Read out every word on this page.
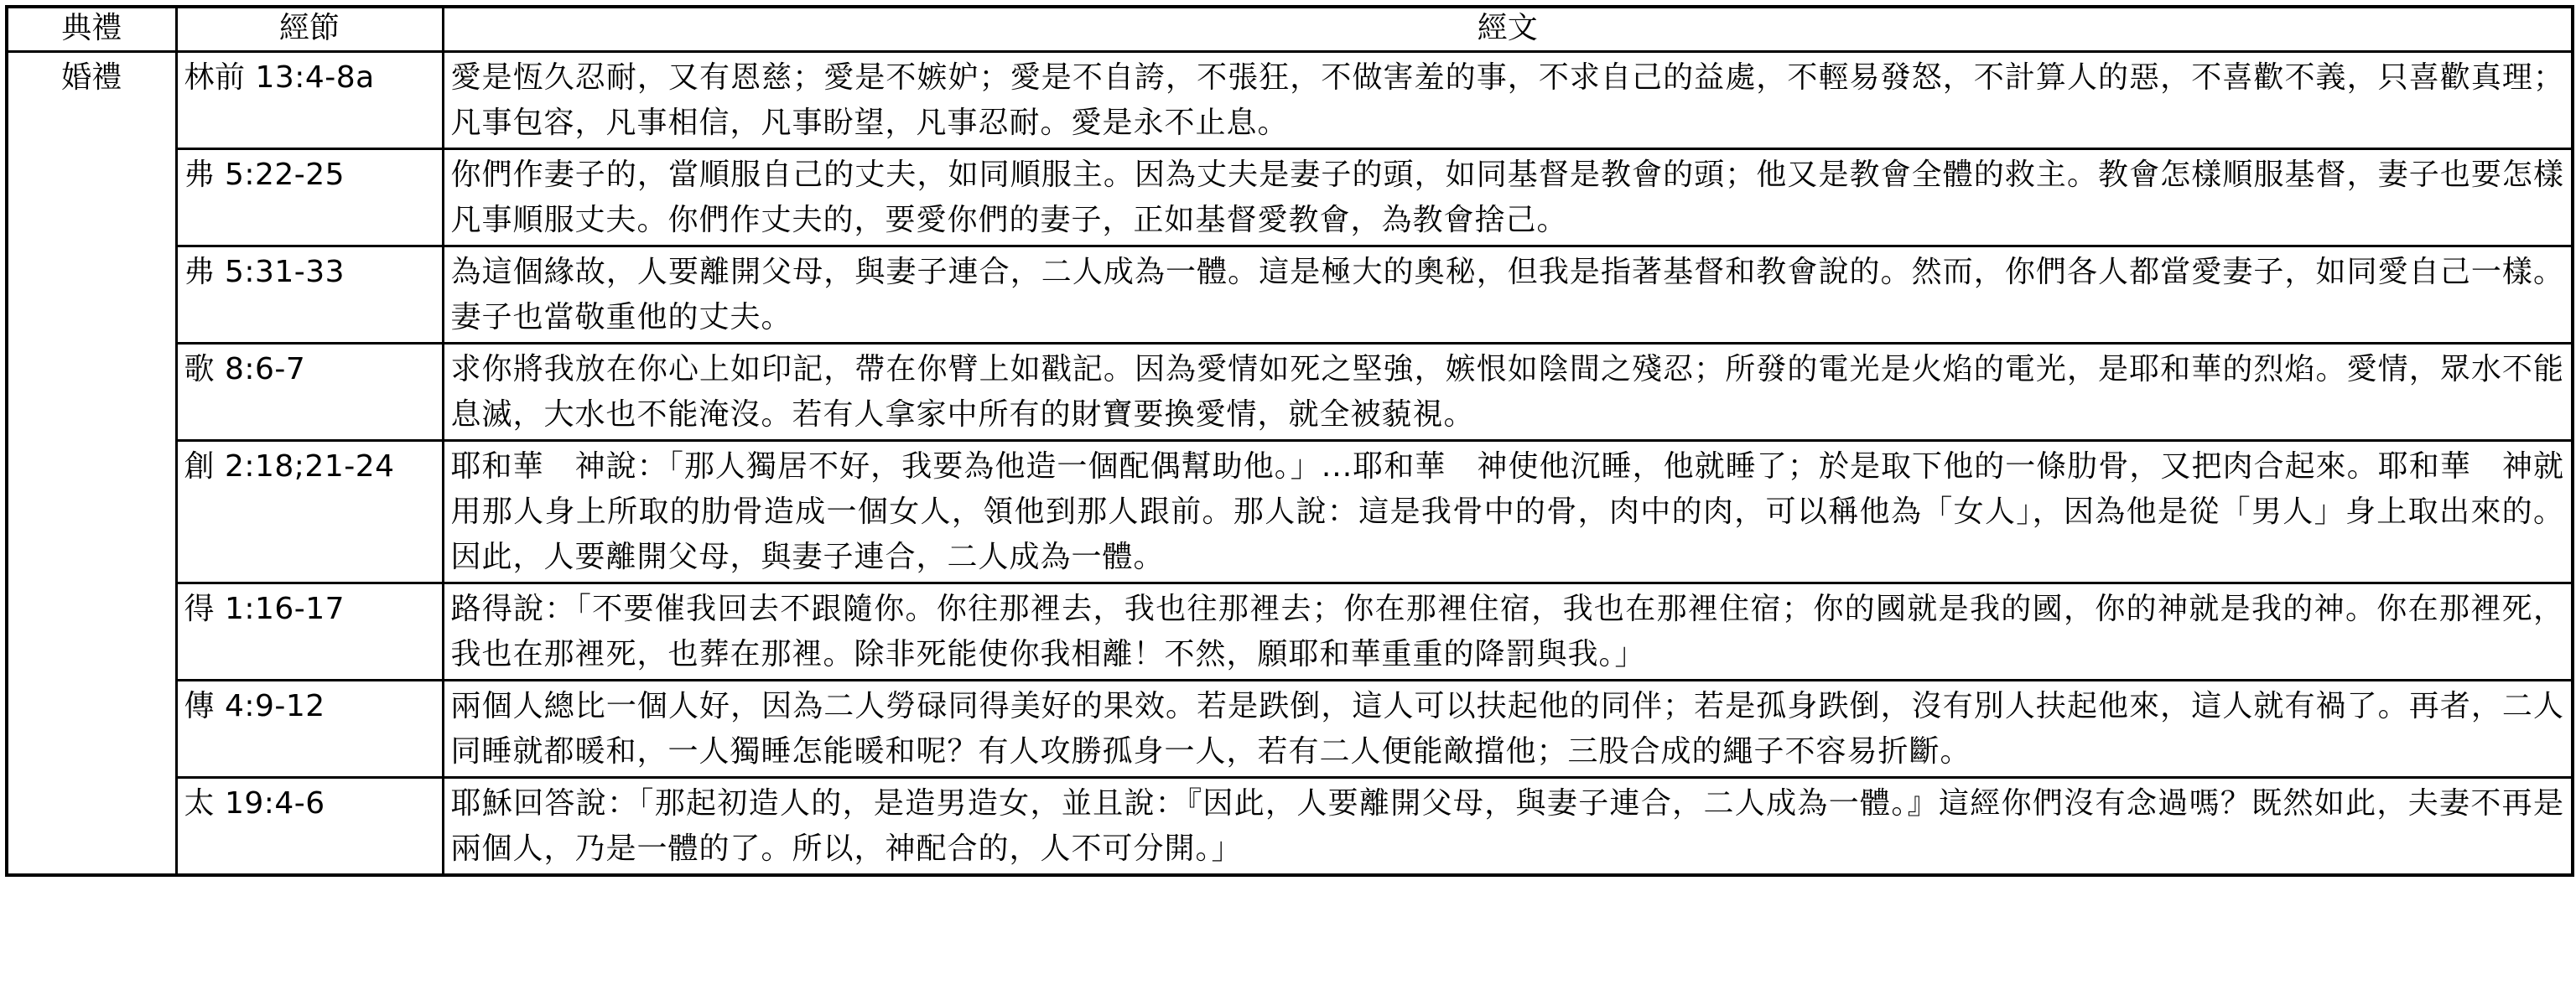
典禮	經節	經文
婚禮	林前 13:4-8a	愛是恆久忍耐，又有恩慈；愛是不嫉妒；愛是不自誇，不張狂，不做害羞的事，不求自己的益處，不輕易發怒，不計算人的惡，不喜歡不義，只喜歡真理；凡事包容，凡事相信，凡事盼望，凡事忍耐。愛是永不止息。
	弗 5:22-25	你們作妻子的，當順服自己的丈夫，如同順服主。因為丈夫是妻子的頭，如同基督是教會的頭；他又是教會全體的救主。教會怎樣順服基督，妻子也要怎樣凡事順服丈夫。你們作丈夫的，要愛你們的妻子，正如基督愛教會，為教會捨己。
	弗 5:31-33	為這個緣故，人要離開父母，與妻子連合，二人成為一體。這是極大的奧秘，但我是指著基督和教會說的。然而，你們各人都當愛妻子，如同愛自己一樣。妻子也當敬重他的丈夫。
	歌 8:6-7	求你將我放在你心上如印記，帶在你臂上如戳記。因為愛情如死之堅強，嫉恨如陰間之殘忍；所發的電光是火焰的電光，是耶和華的烈焰。愛情，眾水不能息滅，大水也不能淹沒。若有人拿家中所有的財寶要換愛情，就全被藐視。
	創 2:18;21-24	耶和華　神說：「那人獨居不好，我要為他造一個配偶幫助他。」...耶和華　神使他沉睡，他就睡了；於是取下他的一條肋骨，又把肉合起來。耶和華　神就用那人身上所取的肋骨造成一個女人，領他到那人跟前。那人說：這是我骨中的骨，肉中的肉，可以稱他為「女人」，因為他是從「男人」身上取出來的。因此，人要離開父母，與妻子連合，二人成為一體。
	得 1:16-17	路得說：「不要催我回去不跟隨你。你往那裡去，我也往那裡去；你在那裡住宿，我也在那裡住宿；你的國就是我的國，你的神就是我的神。你在那裡死，我也在那裡死，也葬在那裡。除非死能使你我相離！不然，願耶和華重重的降罰與我。」
	傳 4:9-12	兩個人總比一個人好，因為二人勞碌同得美好的果效。若是跌倒，這人可以扶起他的同伴；若是孤身跌倒，沒有別人扶起他來，這人就有禍了。再者，二人同睡就都暖和，一人獨睡怎能暖和呢？有人攻勝孤身一人，若有二人便能敵擋他；三股合成的繩子不容易折斷。
	太 19:4-6	耶穌回答說：「那起初造人的，是造男造女，並且說：『因此，人要離開父母，與妻子連合，二人成為一體。』這經你們沒有念過嗎？既然如此，夫妻不再是兩個人，乃是一體的了。所以，神配合的，人不可分開。」
